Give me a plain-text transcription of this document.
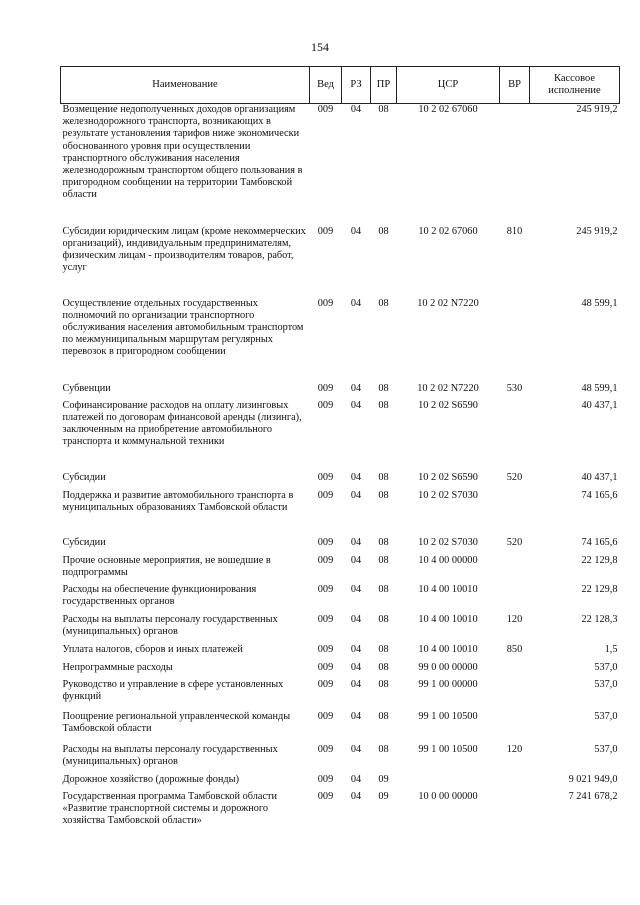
154
Наименование	Вед	РЗ	ПР	ЦСР	ВР	Кассовое исполнение
Возмещение недополученных доходов организациям железнодорожного транспорта, возникающих в результате установления тарифов ниже экономически обоснованного уровня при осуществлении транспортного обслуживания населения железнодорожным транспортом общего пользования в пригородном сообщении на территории Тамбовской области	009	04	08	10 2 02 67060		245 919,2
Субсидии юридическим лицам (кроме некоммерческих организаций), индивидуальным предпринимателям, физическим лицам - производителям товаров, работ, услуг	009	04	08	10 2 02 67060	810	245 919,2
Осуществление отдельных государственных полномочий по организации транспортного обслуживания населения автомобильным транспортом по межмуниципальным маршрутам регулярных перевозок в пригородном сообщении	009	04	08	10 2 02 N7220		48 599,1
Субвенции	009	04	08	10 2 02 N7220	530	48 599,1
Софинансирование расходов на оплату лизинговых платежей по договорам финансовой аренды (лизинга), заключенным на приобретение автомобильного транспорта и коммунальной техники	009	04	08	10 2 02 S6590		40 437,1
Субсидии	009	04	08	10 2 02 S6590	520	40 437,1
Поддержка и развитие автомобильного транспорта в муниципальных образованиях Тамбовской области	009	04	08	10 2 02 S7030		74 165,6
Субсидии	009	04	08	10 2 02 S7030	520	74 165,6
Прочие основные мероприятия, не вошедшие в подпрограммы	009	04	08	10 4 00 00000		22 129,8
Расходы на обеспечение функционирования государственных органов	009	04	08	10 4 00 10010		22 129,8
Расходы на выплаты персоналу государственных (муниципальных) органов	009	04	08	10 4 00 10010	120	22 128,3
Уплата налогов, сборов и иных платежей	009	04	08	10 4 00 10010	850	1,5
Непрограммные расходы	009	04	08	99 0 00 00000		537,0
Руководство и управление в сфере установленных функций	009	04	08	99 1 00 00000		537,0
Поощрение региональной управленческой команды Тамбовской области	009	04	08	99 1 00 10500		537,0
Расходы на выплаты персоналу государственных (муниципальных) органов	009	04	08	99 1 00 10500	120	537,0
Дорожное хозяйство (дорожные фонды)	009	04	09			9 021 949,0
Государственная программа Тамбовской области «Развитие транспортной системы и дорожного хозяйства Тамбовской области»	009	04	09	10 0 00 00000		7 241 678,2
